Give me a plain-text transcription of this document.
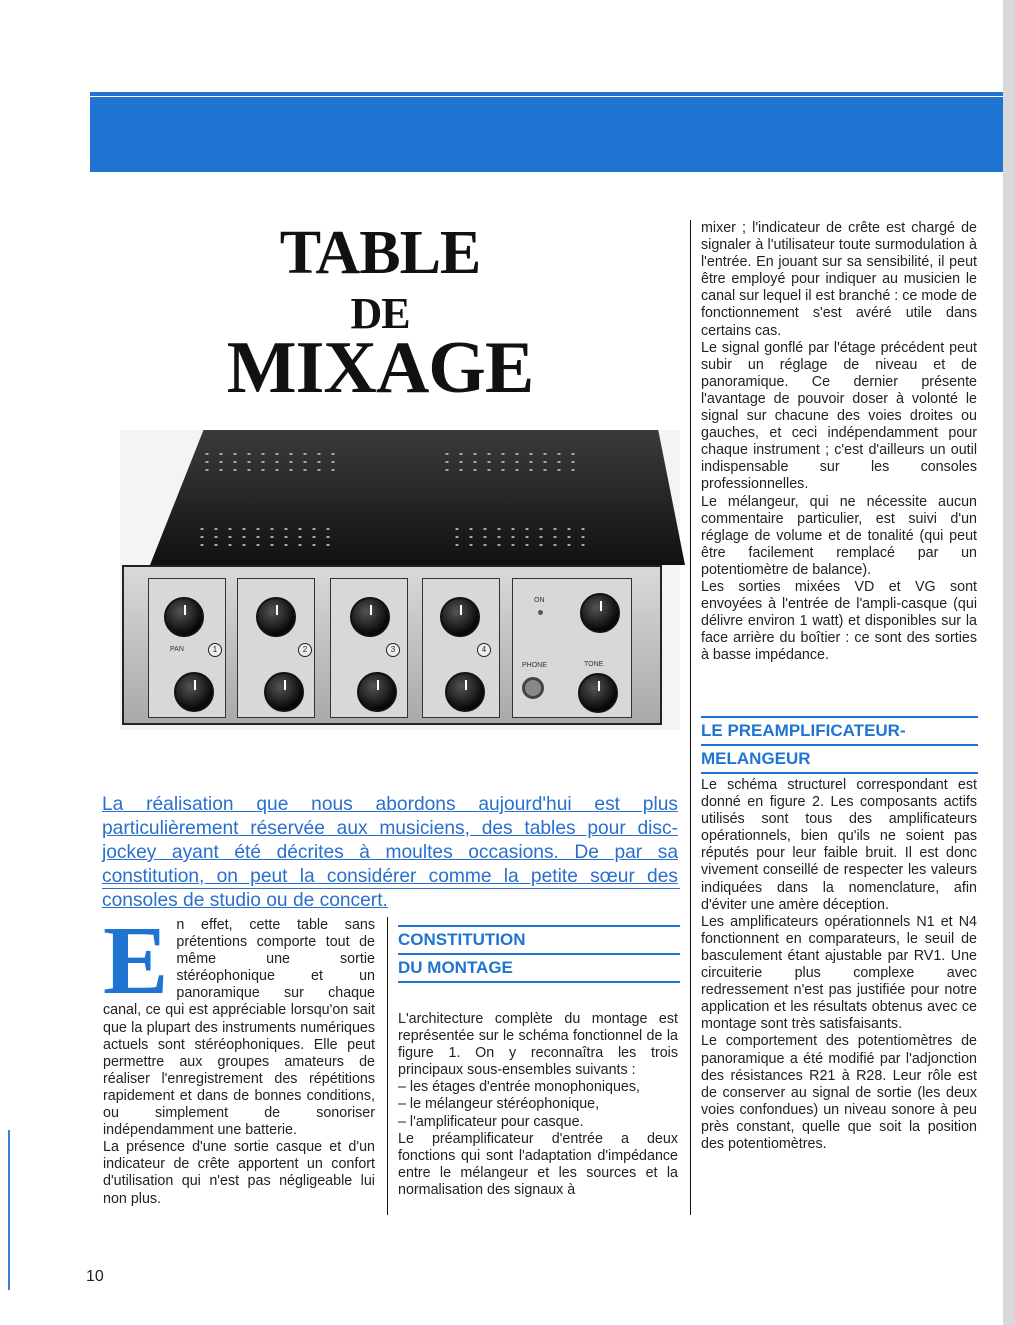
TABLE
DE
MIXAGE
1	2	3	4
PAN
ON
PHONE	TONE
La réalisation que nous abordons aujourd'hui est plus particulièrement réservée aux musiciens, des tables pour disc-jockey ayant été décrites à moultes occasions. De par sa constitution, on peut la considérer comme la petite sœur des consoles de studio ou de concert.
E n effet, cette table sans prétentions comporte tout de même une sortie stéréophonique et un panoramique sur chaque canal, ce qui est appréciable lorsqu'on sait que la plupart des instruments numériques actuels sont stéréophoniques. Elle peut permettre aux groupes amateurs de réaliser l'enregistrement des répétitions rapidement et dans de bonnes conditions, ou simplement de sonoriser indépendamment une batterie.

La présence d'une sortie casque et d'un indicateur de crête apportent un confort d'utilisation qui n'est pas négligeable lui non plus.

CONSTITUTION
DU MONTAGE

L'architecture complète du montage est représentée sur le schéma fonctionnel de la figure 1. On y reconnaîtra les trois principaux sous-ensembles suivants :

– les étages d'entrée monophoniques,

– le mélangeur stéréophonique,

– l'amplificateur pour casque.

Le préamplificateur d'entrée a deux fonctions qui sont l'adaptation d'impédance entre le mélangeur et les sources et la normalisation des signaux à

mixer ; l'indicateur de crête est chargé de signaler à l'utilisateur toute surmodulation à l'entrée. En jouant sur sa sensibilité, il peut être employé pour indiquer au musicien le canal sur lequel il est branché : ce mode de fonctionnement s'est avéré utile dans certains cas.

Le signal gonflé par l'étage précédent peut subir un réglage de niveau et de panoramique. Ce dernier présente l'avantage de pouvoir doser à volonté le signal sur chacune des voies droites ou gauches, et ceci indépendamment pour chaque instrument ; c'est d'ailleurs un outil indispensable sur les consoles professionnelles.

Le mélangeur, qui ne nécessite aucun commentaire particulier, est suivi d'un réglage de volume et de tonalité (qui peut être facilement remplacé par un potentiomètre de balance).

Les sorties mixées VD et VG sont envoyées à l'entrée de l'ampli-casque (qui délivre environ 1 watt) et disponibles sur la face arrière du boîtier : ce sont des sorties à basse impédance.

LE PREAMPLIFICATEUR-
MELANGEUR

Le schéma structurel correspondant est donné en figure 2. Les composants actifs utilisés sont tous des amplificateurs opérationnels, bien qu'ils ne soient pas réputés pour leur faible bruit. Il est donc vivement conseillé de respecter les valeurs indiquées dans la nomenclature, afin d'éviter une amère déception.

Les amplificateurs opérationnels N1 et N4 fonctionnent en comparateurs, le seuil de basculement étant ajustable par RV1. Une circuiterie plus complexe avec redressement n'est pas justifiée pour notre application et les résultats obtenus avec ce montage sont très satisfaisants.

Le comportement des potentiomètres de panoramique a été modifié par l'adjonction des résistances R21 à R28. Leur rôle est de conserver au signal de sortie (les deux voies confondues) un niveau sonore à peu près constant, quelle que soit la position des potentiomètres.

10
